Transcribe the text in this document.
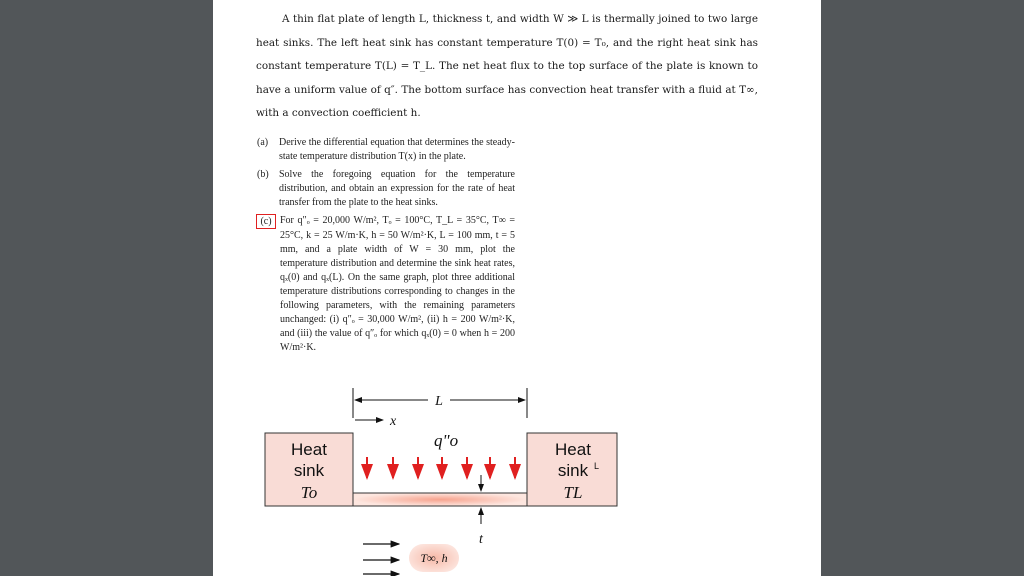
A thin flat plate of length L, thickness t, and width W ≫ L is thermally joined to two large heat sinks. The left heat sink has constant temperature T(0) = T₀, and the right heat sink has constant temperature T(L) = T_L. The net heat flux to the top surface of the plate is known to have a uniform value of q″. The bottom surface has convection heat transfer with a fluid at T∞, with a convection coefficient h.

(a)	Derive the differential equation that determines the steady-state temperature distribution T(x) in the plate.
(b)	Solve the foregoing equation for the temperature distribution, and obtain an expression for the rate of heat transfer from the plate to the heat sinks.
(c) For q″ₒ = 20,000 W/m², Tₒ = 100°C, T_L = 35°C, T∞ = 25°C, k = 25 W/m·K, h = 50 W/m²·K, L = 100 mm, t = 5 mm, and a plate width of W = 30 mm, plot the temperature distribution and determine the sink heat rates, qₓ(0) and qₓ(L). On the same graph, plot three additional temperature distributions corresponding to changes in the following parameters, with the remaining parameters unchanged: (i) q″ₒ = 30,000 W/m², (ii) h = 200 W/m²·K, and (iii) the value of q″ₒ for which qₓ(0) = 0 when h = 200 W/m²·K.
L
x
q"o
Heat
sink
To
Heat
sink L
TL
t
T∞, h
